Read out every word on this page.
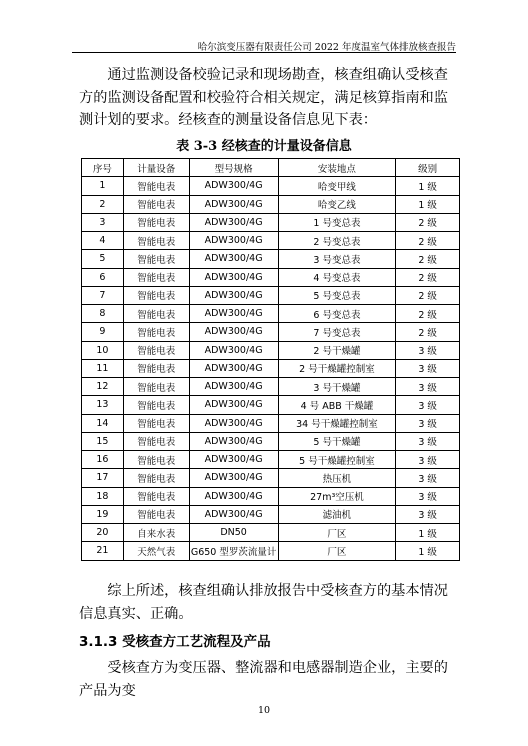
哈尔滨变压器有限责任公司 2022 年度温室气体排放核查报告
　　通过监测设备校验记录和现场勘查，核查组确认受核查方的监测设备配置和校验符合相关规定，满足核算指南和监测计划的要求。经核查的测量设备信息见下表：
表 3-3 经核查的计量设备信息
序号	计量设备	型号规格	安装地点	级别
1	智能电表	ADW300/4G	哈变甲线	1 级
2	智能电表	ADW300/4G	哈变乙线	1 级
3	智能电表	ADW300/4G	1 号变总表	2 级
4	智能电表	ADW300/4G	2 号变总表	2 级
5	智能电表	ADW300/4G	3 号变总表	2 级
6	智能电表	ADW300/4G	4 号变总表	2 级
7	智能电表	ADW300/4G	5 号变总表	2 级
8	智能电表	ADW300/4G	6 号变总表	2 级
9	智能电表	ADW300/4G	7 号变总表	2 级
10	智能电表	ADW300/4G	2 号干燥罐	3 级
11	智能电表	ADW300/4G	2 号干燥罐控制室	3 级
12	智能电表	ADW300/4G	3 号干燥罐	3 级
13	智能电表	ADW300/4G	4 号 ABB 干燥罐	3 级
14	智能电表	ADW300/4G	34 号干燥罐控制室	3 级
15	智能电表	ADW300/4G	5 号干燥罐	3 级
16	智能电表	ADW300/4G	5 号干燥罐控制室	3 级
17	智能电表	ADW300/4G	热压机	3 级
18	智能电表	ADW300/4G	27m³空压机	3 级
19	智能电表	ADW300/4G	滤油机	3 级
20	自来水表	DN50	厂区	1 级
21	天然气表	G650 型罗茨流量计	厂区	1 级
　　综上所述，核查组确认排放报告中受核查方的基本情况信息真实、正确。
3.1.3 受核查方工艺流程及产品
　　受核查方为变压器、整流器和电感器制造企业，主要的产品为变
10
